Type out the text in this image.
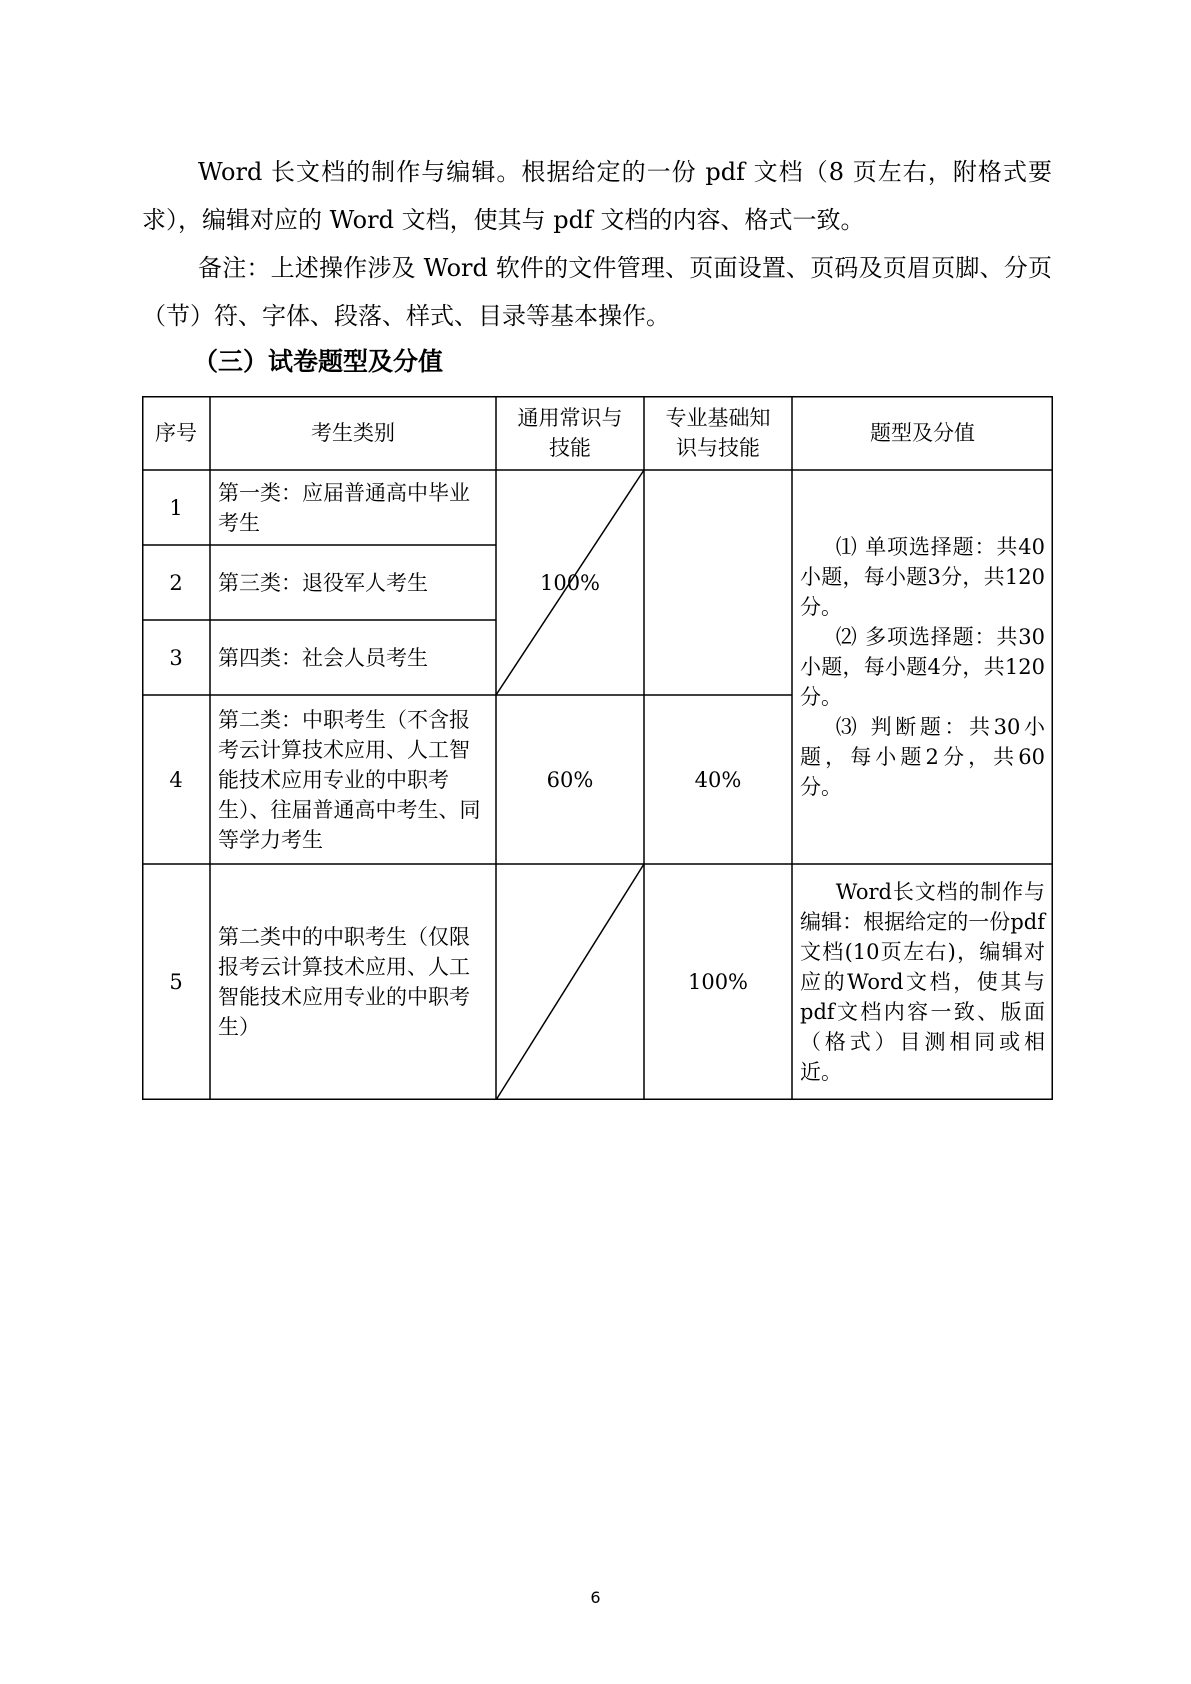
Word 长文档的制作与编辑。根据给定的一份 pdf 文档（8 页左右，附格式要求），编辑对应的 Word 文档，使其与 pdf 文档的内容、格式一致。

备注：上述操作涉及 Word 软件的文件管理、页面设置、页码及页眉页脚、分页（节）符、字体、段落、样式、目录等基本操作。

（三）试卷题型及分值
序号	考生类别
通用常识与技能
专业基础知识与技能
题型及分值
1
第一类：应届普通高中毕业考生
2 第三类：退役军人考生
3 第四类：社会人员考生
100%
4
第二类：中职考生（不含报考云计算技术应用、人工智能技术应用专业的中职考生）、往届普通高中考生、同等学力考生
60%	40%
⑴ 单项选择题：共40小题，每小题3分，共120分。
⑵ 多项选择题：共30小题，每小题4分，共120分。
⑶ 判断题：共30小题，每小题2分，共60分。
5
第二类中的中职考生（仅限报考云计算技术应用、人工智能技术应用专业的中职考生）
100%
Word长文档的制作与编辑：根据给定的一份pdf文档(10页左右)，编辑对应的Word文档，使其与pdf文档内容一致、版面（格式）目测相同或相近。
6
